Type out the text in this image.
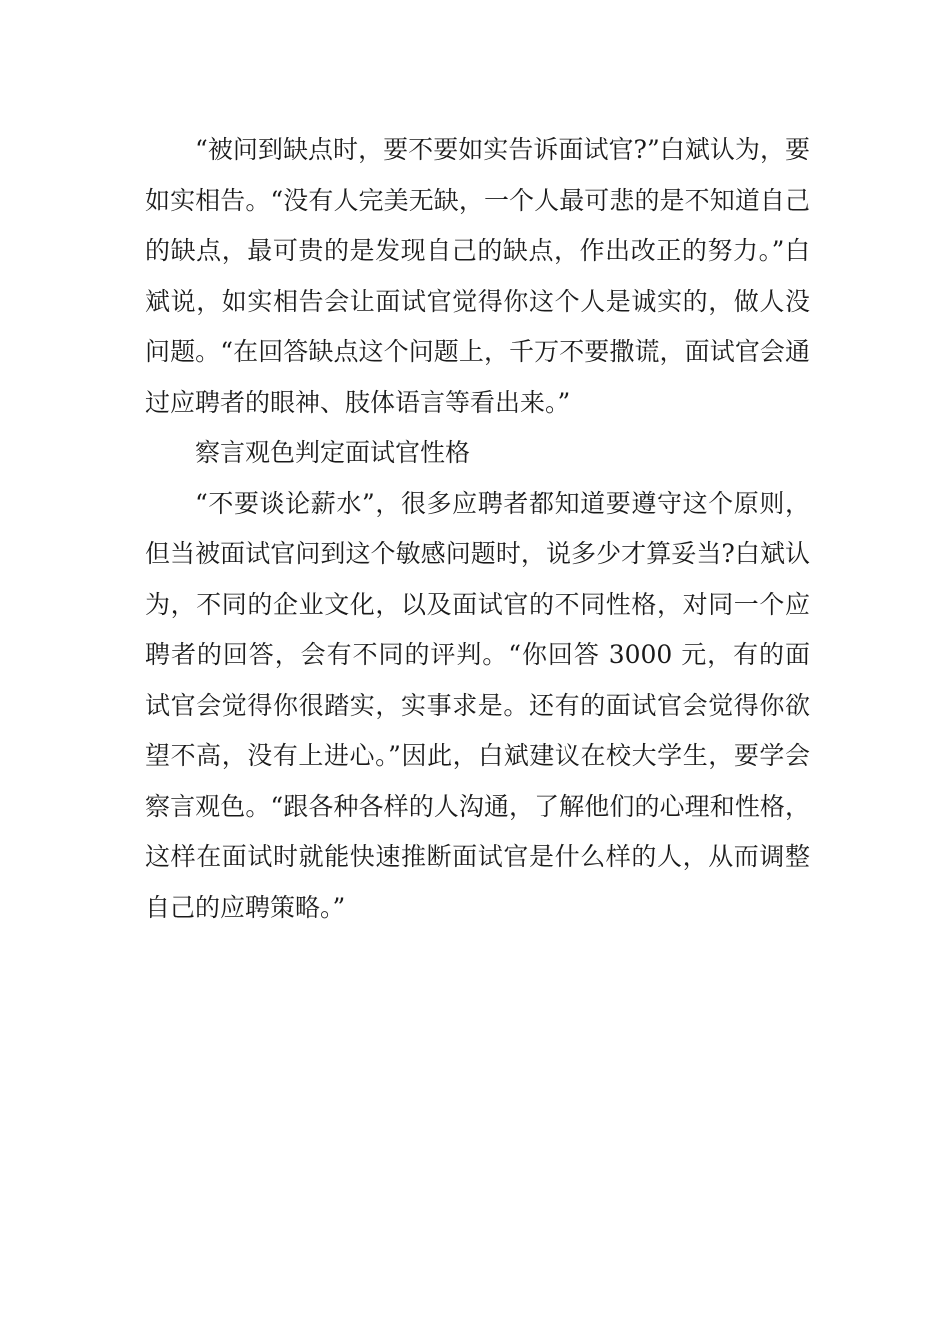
“被问到缺点时，要不要如实告诉面试官?”白斌认为，要如实相告。“没有人完美无缺，一个人最可悲的是不知道自己的缺点，最可贵的是发现自己的缺点，作出改正的努力。”白斌说，如实相告会让面试官觉得你这个人是诚实的，做人没问题。“在回答缺点这个问题上，千万不要撒谎，面试官会通过应聘者的眼神、肢体语言等看出来。”

察言观色判定面试官性格

“不要谈论薪水”，很多应聘者都知道要遵守这个原则，但当被面试官问到这个敏感问题时，说多少才算妥当?白斌认为，不同的企业文化，以及面试官的不同性格，对同一个应聘者的回答，会有不同的评判。“你回答 3000 元，有的面试官会觉得你很踏实，实事求是。还有的面试官会觉得你欲望不高，没有上进心。”因此，白斌建议在校大学生，要学会察言观色。“跟各种各样的人沟通，了解他们的心理和性格，这样在面试时就能快速推断面试官是什么样的人，从而调整自己的应聘策略。”
